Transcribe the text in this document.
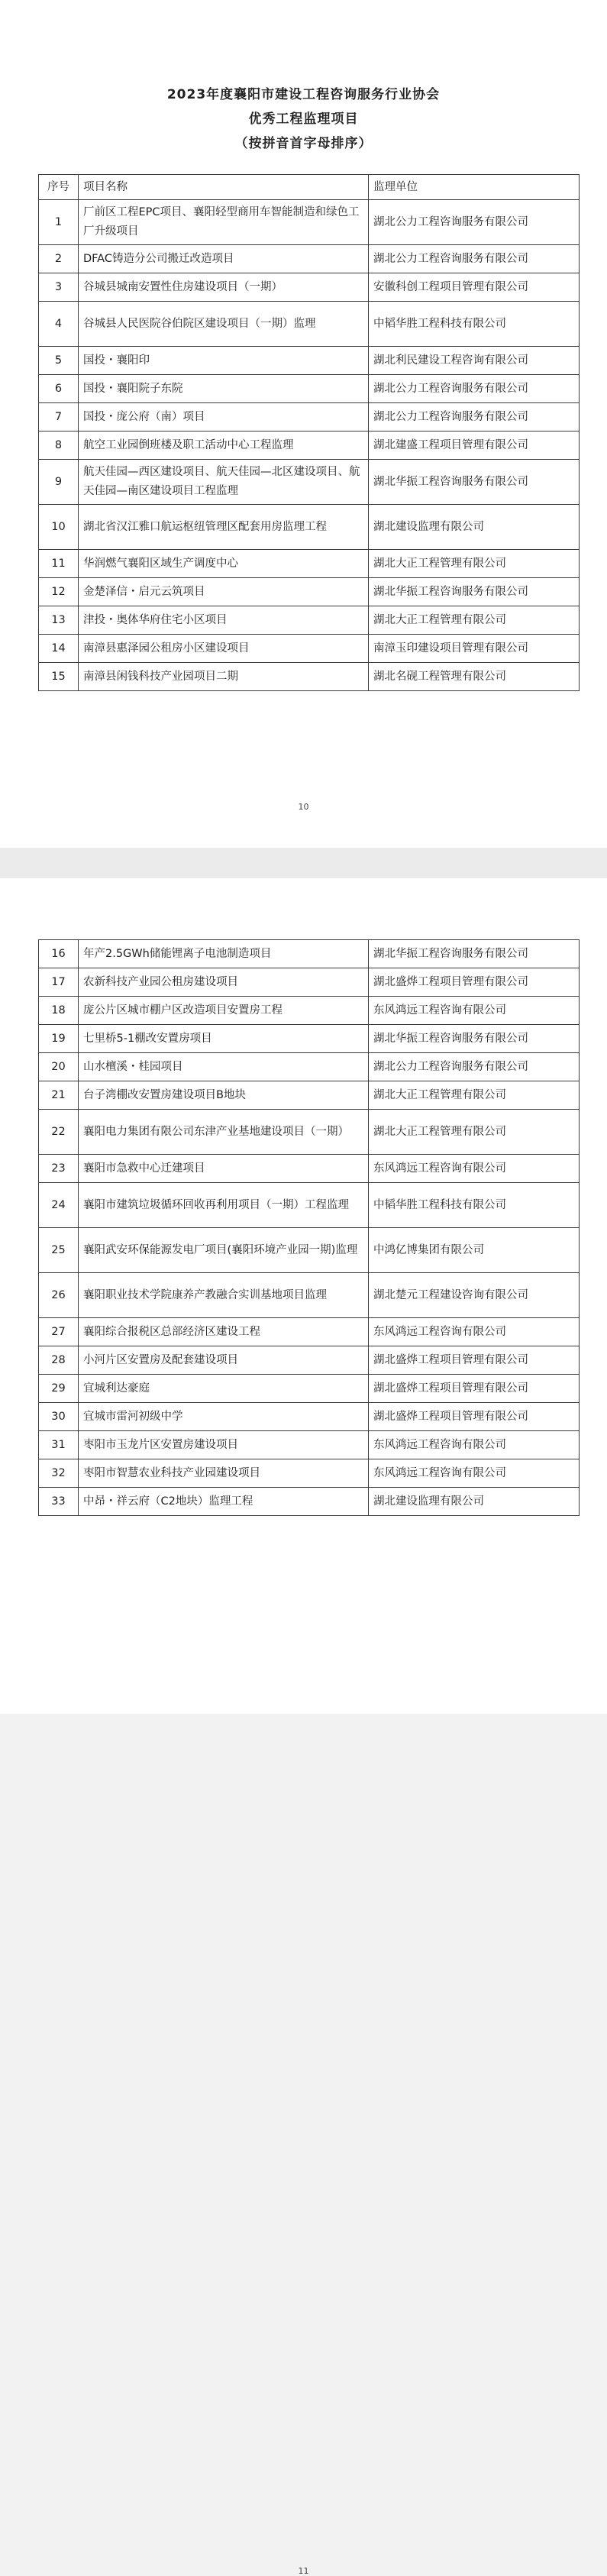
2023年度襄阳市建设工程咨询服务行业协会
优秀工程监理项目
（按拼音首字母排序）
序号	项目名称	监理单位
1	厂前区工程EPC项目、襄阳轻型商用车智能制造和绿色工厂升级项目	湖北公力工程咨询服务有限公司
2	DFAC铸造分公司搬迁改造项目	湖北公力工程咨询服务有限公司
3	谷城县城南安置性住房建设项目（一期）	安徽科创工程项目管理有限公司
4	谷城县人民医院谷伯院区建设项目（一期）监理	中韬华胜工程科技有限公司
5	国投・襄阳印	湖北利民建设工程咨询有限公司
6	国投・襄阳院子东院	湖北公力工程咨询服务有限公司
7	国投・庞公府（南）项目	湖北公力工程咨询服务有限公司
8	航空工业园倒班楼及职工活动中心工程监理	湖北建盛工程项目管理有限公司
9	航天佳园—西区建设项目、航天佳园—北区建设项目、航天佳园—南区建设项目工程监理	湖北华振工程咨询服务有限公司
10	湖北省汉江雅口航运枢纽管理区配套用房监理工程	湖北建设监理有限公司
11	华润燃气襄阳区域生产调度中心	湖北大正工程管理有限公司
12	金楚泽信・启元云筑项目	湖北华振工程咨询服务有限公司
13	津投・奥体华府住宅小区项目	湖北大正工程管理有限公司
14	南漳县惠泽园公租房小区建设项目	南漳玉印建设项目管理有限公司
15	南漳县闲钱科技产业园项目二期	湖北名砚工程管理有限公司
10
11
16	年产2.5GWh储能锂离子电池制造项目	湖北华振工程咨询服务有限公司
17	农新科技产业园公租房建设项目	湖北盛烨工程项目管理有限公司
18	庞公片区城市棚户区改造项目安置房工程	东风鸿远工程咨询有限公司
19	七里桥5-1棚改安置房项目	湖北华振工程咨询服务有限公司
20	山水檀溪・桂园项目	湖北公力工程咨询服务有限公司
21	台子湾棚改安置房建设项目B地块	湖北大正工程管理有限公司
22	襄阳电力集团有限公司东津产业基地建设项目（一期）	湖北大正工程管理有限公司
23	襄阳市急救中心迁建项目	东风鸿远工程咨询有限公司
24	襄阳市建筑垃圾循环回收再利用项目（一期）工程监理	中韬华胜工程科技有限公司
25	襄阳武安环保能源发电厂项目(襄阳环境产业园一期)监理	中鸿亿博集团有限公司
26	襄阳职业技术学院康养产教融合实训基地项目监理	湖北楚元工程建设咨询有限公司
27	襄阳综合报税区总部经济区建设工程	东风鸿远工程咨询有限公司
28	小河片区安置房及配套建设项目	湖北盛烨工程项目管理有限公司
29	宜城利达豪庭	湖北盛烨工程项目管理有限公司
30	宜城市雷河初级中学	湖北盛烨工程项目管理有限公司
31	枣阳市玉龙片区安置房建设项目	东风鸿远工程咨询有限公司
32	枣阳市智慧农业科技产业园建设项目	东风鸿远工程咨询有限公司
33	中昂・祥云府（C2地块）监理工程	湖北建设监理有限公司
